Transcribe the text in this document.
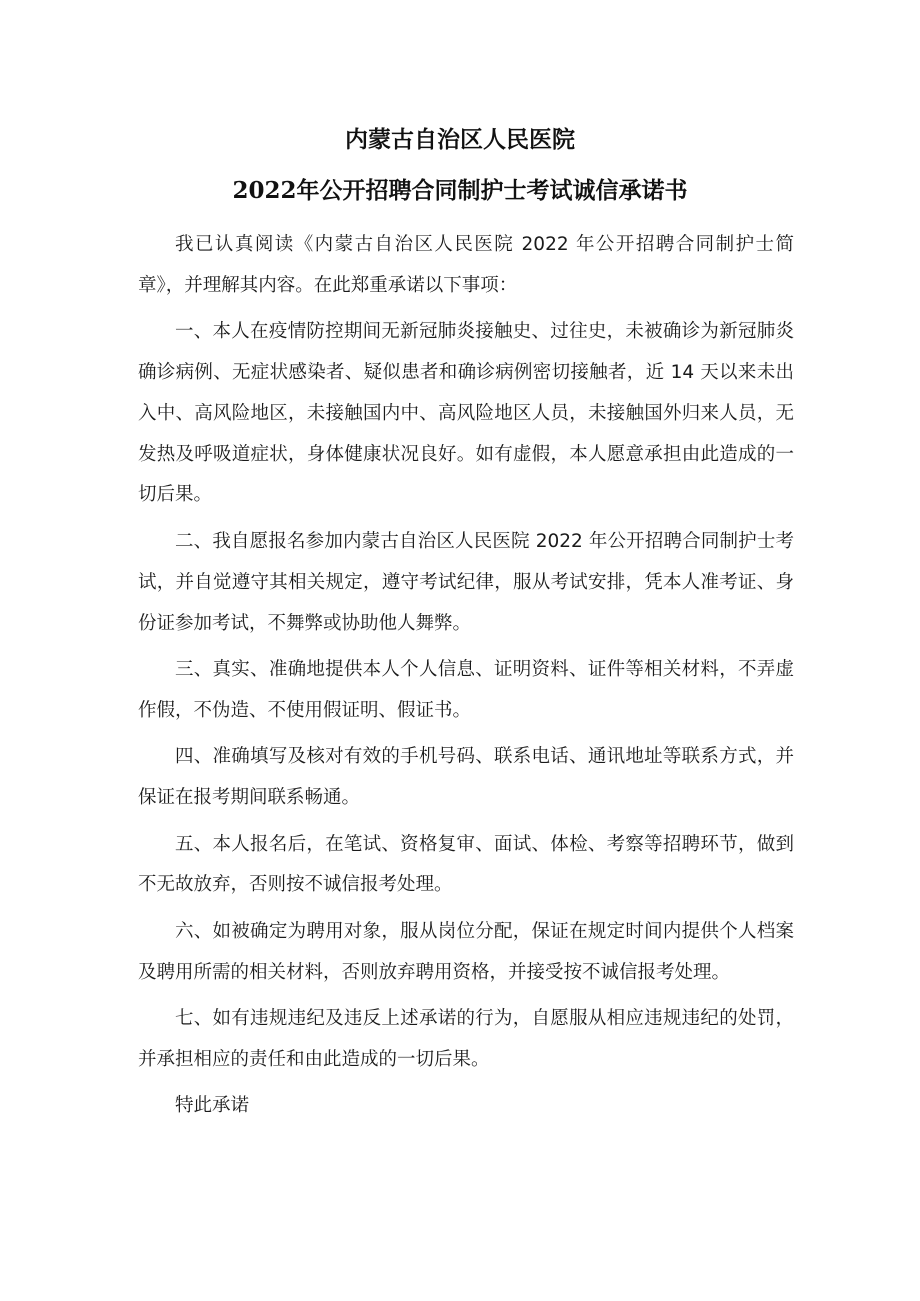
内蒙古自治区人民医院
2022年公开招聘合同制护士考试诚信承诺书

我已认真阅读《内蒙古自治区人民医院 2022 年公开招聘合同制护士简章》，并理解其内容。在此郑重承诺以下事项：

一、本人在疫情防控期间无新冠肺炎接触史、过往史，未被确诊为新冠肺炎确诊病例、无症状感染者、疑似患者和确诊病例密切接触者，近 14 天以来未出入中、高风险地区，未接触国内中、高风险地区人员，未接触国外归来人员，无发热及呼吸道症状，身体健康状况良好。如有虚假，本人愿意承担由此造成的一切后果。

二、我自愿报名参加内蒙古自治区人民医院 2022 年公开招聘合同制护士考试，并自觉遵守其相关规定，遵守考试纪律，服从考试安排，凭本人准考证、身份证参加考试，不舞弊或协助他人舞弊。

三、真实、准确地提供本人个人信息、证明资料、证件等相关材料，不弄虚作假，不伪造、不使用假证明、假证书。

四、准确填写及核对有效的手机号码、联系电话、通讯地址等联系方式，并保证在报考期间联系畅通。

五、本人报名后，在笔试、资格复审、面试、体检、考察等招聘环节，做到不无故放弃，否则按不诚信报考处理。

六、如被确定为聘用对象，服从岗位分配，保证在规定时间内提供个人档案及聘用所需的相关材料，否则放弃聘用资格，并接受按不诚信报考处理。

七、如有违规违纪及违反上述承诺的行为，自愿服从相应违规违纪的处罚，并承担相应的责任和由此造成的一切后果。

特此承诺
